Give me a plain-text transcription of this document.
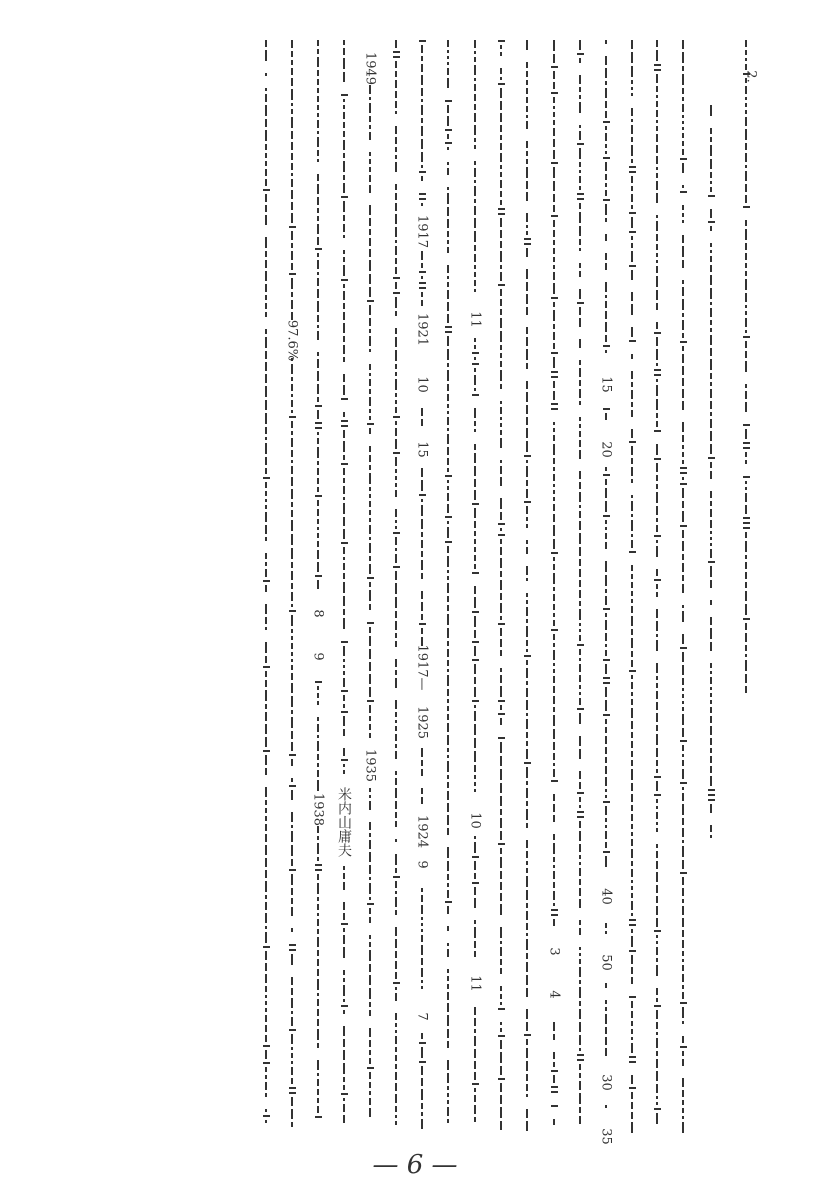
15
20
40
50
30
35
3
4
11
10
11
1917
1921
1917—
1925
10
15
1924
9
7
1949
1935
米内山庸夫
8
9
1938
97.6%
2.
— 6 —
